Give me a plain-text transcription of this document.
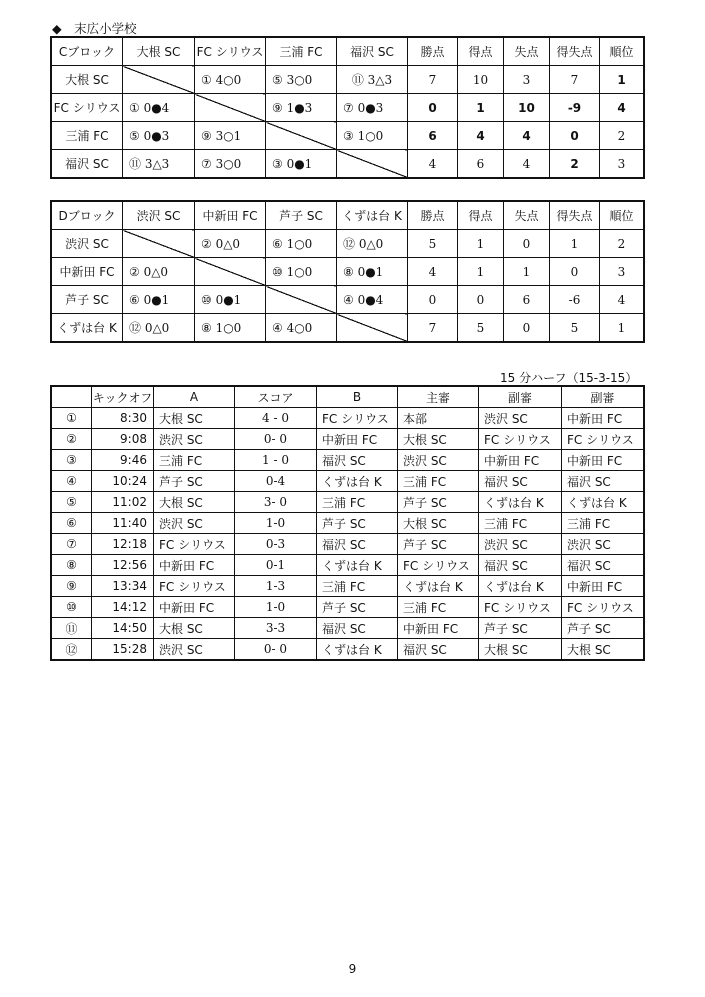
◆　末広小学校
Cブロック	大根 SC	FC シリウス	三浦 FC	福沢 SC	勝点	得点	失点	得失点	順位
大根 SC		① 4○0	⑤ 3○0	⑪ 3△3	7	10	3	7	1
FC シリウス	① 0●4		⑨ 1●3	⑦ 0●3	0	1	10	-9	4
三浦 FC	⑤ 0●3	⑨ 3○1		③ 1○0	6	4	4	0	2
福沢 SC	⑪ 3△3	⑦ 3○0	③ 0●1		4	6	4	2	3
Dブロック	渋沢 SC	中新田 FC	芦子 SC	くずは台 K	勝点	得点	失点	得失点	順位
渋沢 SC		② 0△0	⑥ 1○0	⑫ 0△0	5	1	0	1	2
中新田 FC	② 0△0		⑩ 1○0	⑧ 0●1	4	1	1	0	3
芦子 SC	⑥ 0●1	⑩ 0●1		④ 0●4	0	0	6	-6	4
くずは台 K	⑫ 0△0	⑧ 1○0	④ 4○0		7	5	0	5	1
15 分ハーフ（15-3-15）
	キックオフ	A	スコア	B	主審	副審	副審
①	8:30	大根 SC	4 - 0	FC シリウス	本部	渋沢 SC	中新田 FC
②	9:08	渋沢 SC	0- 0	中新田 FC	大根 SC	FC シリウス	FC シリウス
③	9:46	三浦 FC	1 - 0	福沢 SC	渋沢 SC	中新田 FC	中新田 FC
④	10:24	芦子 SC	0-4	くずは台 K	三浦 FC	福沢 SC	福沢 SC
⑤	11:02	大根 SC	3- 0	三浦 FC	芦子 SC	くずは台 K	くずは台 K
⑥	11:40	渋沢 SC	1-0	芦子 SC	大根 SC	三浦 FC	三浦 FC
⑦	12:18	FC シリウス	0-3	福沢 SC	芦子 SC	渋沢 SC	渋沢 SC
⑧	12:56	中新田 FC	0-1	くずは台 K	FC シリウス	福沢 SC	福沢 SC
⑨	13:34	FC シリウス	1-3	三浦 FC	くずは台 K	くずは台 K	中新田 FC
⑩	14:12	中新田 FC	1-0	芦子 SC	三浦 FC	FC シリウス	FC シリウス
⑪	14:50	大根 SC	3-3	福沢 SC	中新田 FC	芦子 SC	芦子 SC
⑫	15:28	渋沢 SC	0- 0	くずは台 K	福沢 SC	大根 SC	大根 SC
9
